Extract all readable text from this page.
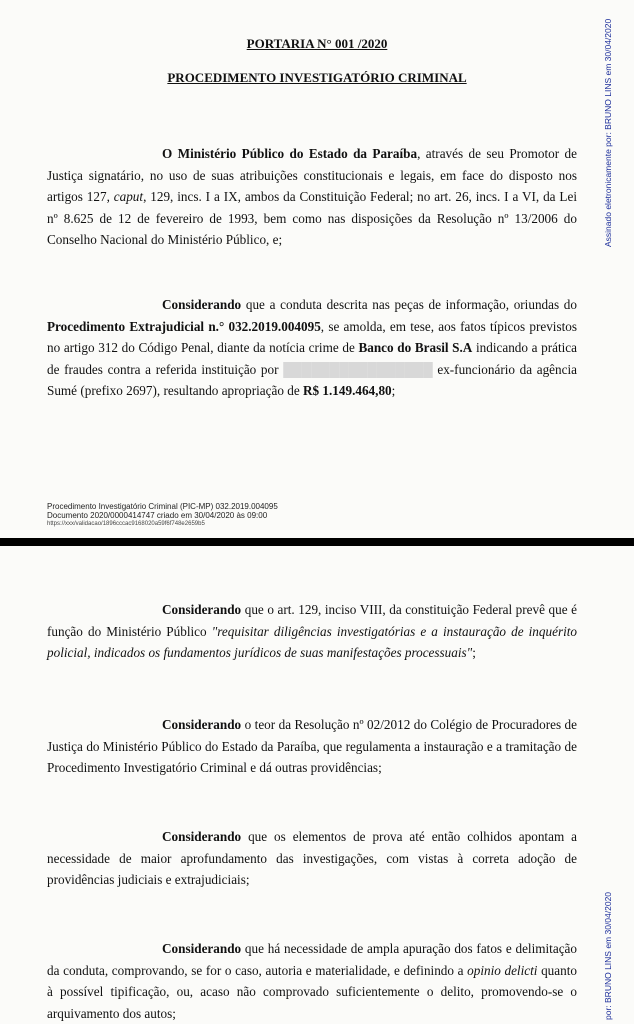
PORTARIA N° 001 /2020
PROCEDIMENTO INVESTIGATÓRIO CRIMINAL
O Ministério Público do Estado da Paraíba, através de seu Promotor de Justiça signatário, no uso de suas atribuições constitucionais e legais, em face do disposto nos artigos 127, caput, 129, incs. I a IX, ambos da Constituição Federal; no art. 26, incs. I a VI, da Lei nº 8.625 de 12 de fevereiro de 1993, bem como nas disposições da Resolução nº 13/2006 do Conselho Nacional do Ministério Público, e;
Considerando que a conduta descrita nas peças de informação, oriundas do Procedimento Extrajudicial n.° 032.2019.004095, se amolda, em tese, aos fatos típicos previstos no artigo 312 do Código Penal, diante da notícia crime de Banco do Brasil S.A indicando a prática de fraudes contra a referida instituição por ████████████████ ex-funcionário da agência Sumé (prefixo 2697), resultando apropriação de R$ 1.149.464,80;
Procedimento Investigatório Criminal (PIC-MP) 032.2019.004095
Documento 2020/0000414747 criado em 30/04/2020 às 09:00
https://xxx/validacao/1896cccac9168020a59f6f748e2659b5
Assinado eletronicamente por: BRUNO LINS em 30/04/2020
Considerando que o art. 129, inciso VIII, da constituição Federal prevê que é função do Ministério Público "requisitar diligências investigatórias e a instauração de inquérito policial, indicados os fundamentos jurídicos de suas manifestações processuais";
Considerando o teor da Resolução nº 02/2012 do Colégio de Procuradores de Justiça do Ministério Público do Estado da Paraíba, que regulamenta a instauração e a tramitação de Procedimento Investigatório Criminal e dá outras providências;
Considerando que os elementos de prova até então colhidos apontam a necessidade de maior aprofundamento das investigações, com vistas à correta adoção de providências judiciais e extrajudiciais;
Considerando que há necessidade de ampla apuração dos fatos e delimitação da conduta, comprovando, se for o caso, autoria e materialidade, e definindo a opinio delicti quanto à possível tipificação, ou, acaso não comprovado suficientemente o delito, promovendo-se o arquivamento dos autos;	por: BRUNO LINS em 30/04/2020
